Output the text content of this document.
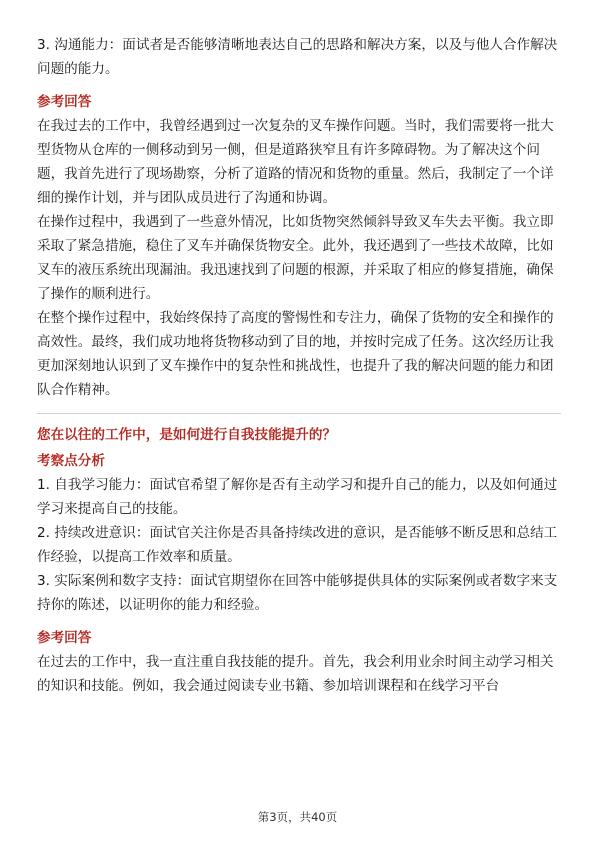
3. 沟通能力：面试者是否能够清晰地表达自己的思路和解决方案，以及与他人合作解决问题的能力。

参考回答

在我过去的工作中，我曾经遇到过一次复杂的叉车操作问题。当时，我们需要将一批大型货物从仓库的一侧移动到另一侧，但是道路狭窄且有许多障碍物。为了解决这个问题，我首先进行了现场勘察，分析了道路的情况和货物的重量。然后，我制定了一个详细的操作计划，并与团队成员进行了沟通和协调。

在操作过程中，我遇到了一些意外情况，比如货物突然倾斜导致叉车失去平衡。我立即采取了紧急措施，稳住了叉车并确保货物安全。此外，我还遇到了一些技术故障，比如叉车的液压系统出现漏油。我迅速找到了问题的根源，并采取了相应的修复措施，确保了操作的顺利进行。

在整个操作过程中，我始终保持了高度的警惕性和专注力，确保了货物的安全和操作的高效性。最终，我们成功地将货物移动到了目的地，并按时完成了任务。这次经历让我更加深刻地认识到了叉车操作中的复杂性和挑战性，也提升了我的解决问题的能力和团队合作精神。

您在以往的工作中，是如何进行自我技能提升的？

考察点分析

1. 自我学习能力：面试官希望了解你是否有主动学习和提升自己的能力，以及如何通过学习来提高自己的技能。

2. 持续改进意识：面试官关注你是否具备持续改进的意识，是否能够不断反思和总结工作经验，以提高工作效率和质量。

3. 实际案例和数字支持：面试官期望你在回答中能够提供具体的实际案例或者数字来支持你的陈述，以证明你的能力和经验。

参考回答

在过去的工作中，我一直注重自我技能的提升。首先，我会利用业余时间主动学习相关的知识和技能。例如，我会通过阅读专业书籍、参加培训课程和在线学习平台

第3页，共40页
